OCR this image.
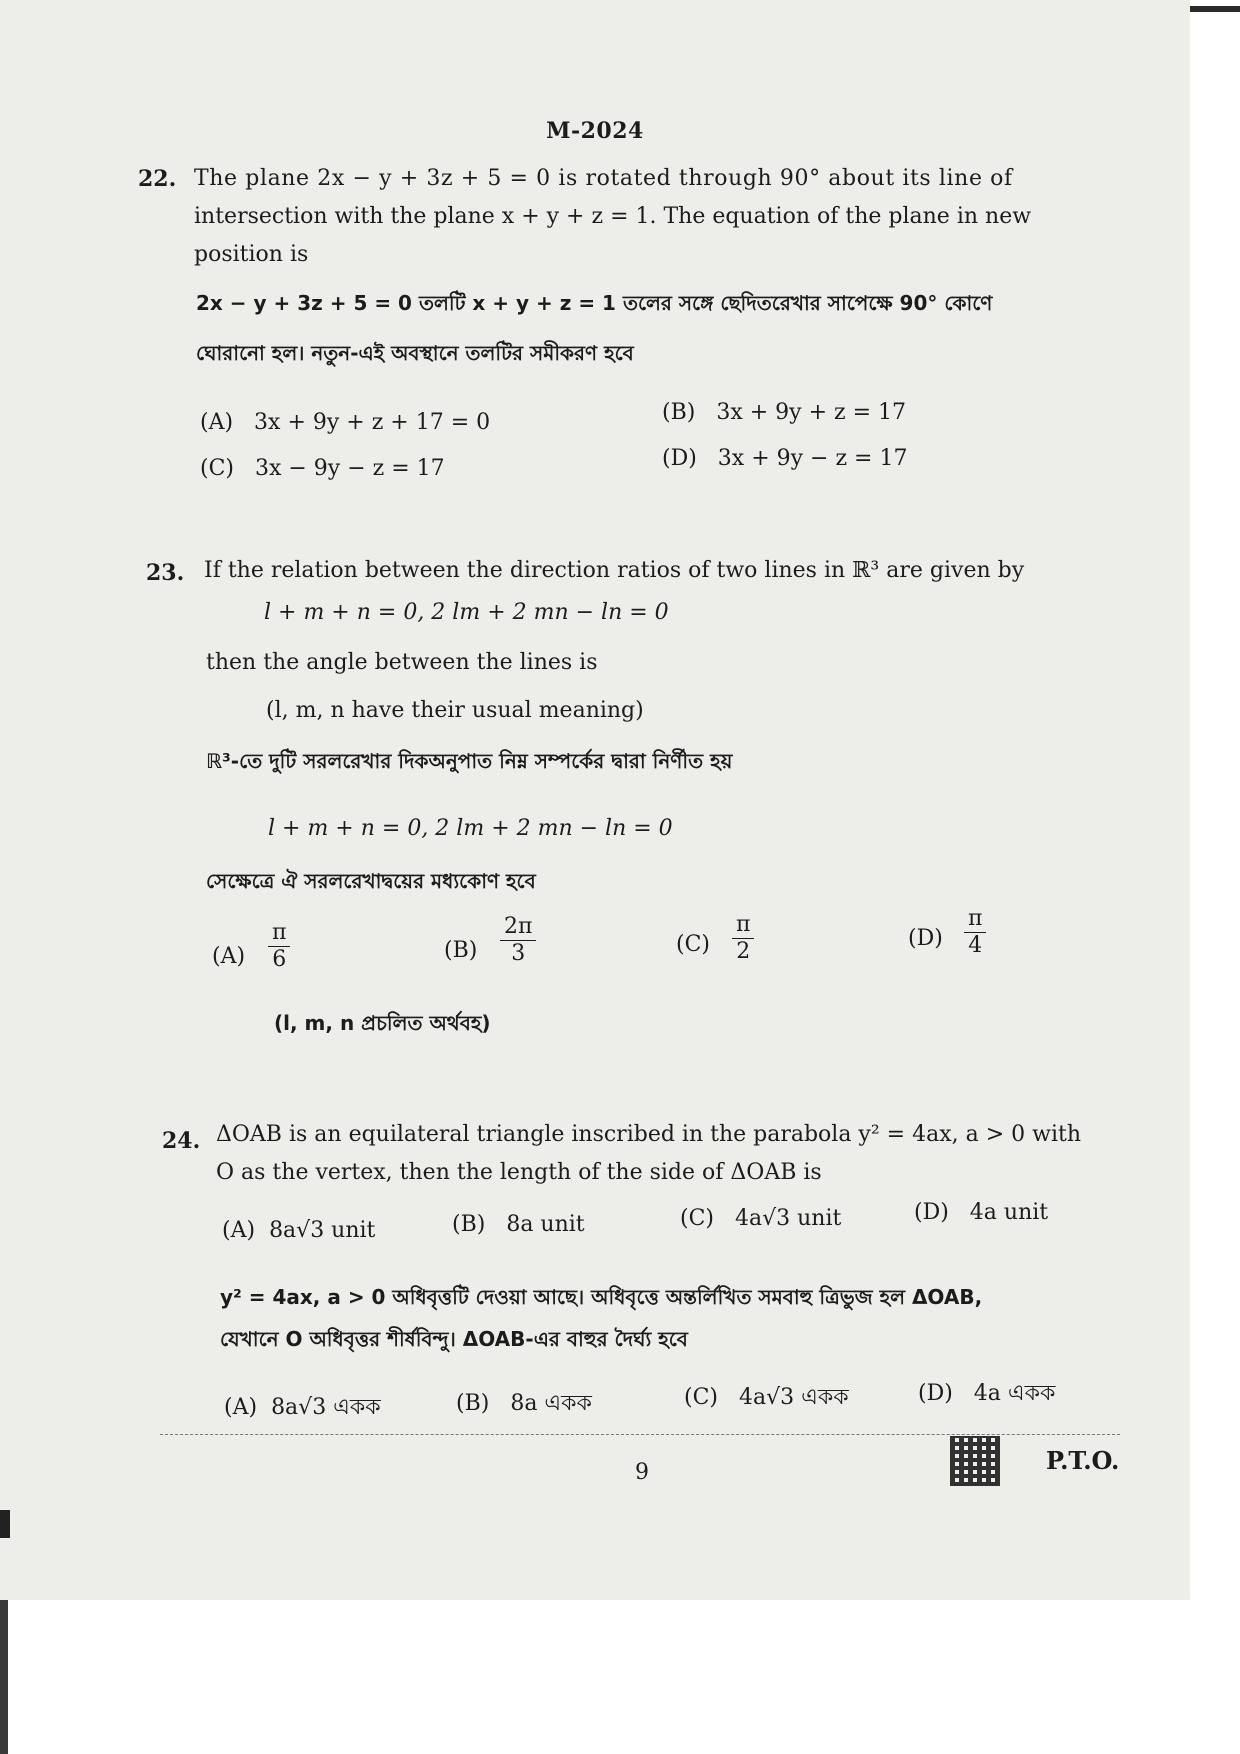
M-2024
22. The plane 2x − y + 3z + 5 = 0 is rotated through 90° about its line of
intersection with the plane x + y + z = 1. The equation of the plane in new
position is
2x − y + 3z + 5 = 0 তলটি x + y + z = 1 তলের সঙ্গে ছেদিতরেখার সাপেক্ষে 90° কোণে
ঘোরানো হল। নতুন-এই অবস্থানে তলটির সমীকরণ হবে
(A) 3x + 9y + z + 17 = 0	(B) 3x + 9y + z = 17
(C) 3x − 9y − z = 17	(D) 3x + 9y − z = 17
23. If the relation between the direction ratios of two lines in ℝ³ are given by
l + m + n = 0, 2 lm + 2 mn − ln = 0
then the angle between the lines is
(l, m, n have their usual meaning)
ℝ³-তে দুটি সরলরেখার দিকঅনুপাত নিম্ন সম্পর্কের দ্বারা নির্ণীত হয়
l + m + n = 0, 2 lm + 2 mn − ln = 0
সেক্ষেত্রে ঐ সরলরেখাদ্বয়ের মধ্যকোণ হবে
$(A) \frac{\pi}{6}$	$(B) \frac{2\pi}{3}$	$(C) \frac{\pi}{2}$	$(D) \frac{\pi}{4}$
(l, m, n প্রচলিত অর্থবহ)
24. ΔOAB is an equilateral triangle inscribed in the parabola y² = 4ax, a > 0 with
O as the vertex, then the length of the side of ΔOAB is
(A) 8a√3 unit	(B) 8a unit	(C) 4a√3 unit	(D) 4a unit
y² = 4ax, a > 0 অধিবৃত্তটি দেওয়া আছে। অধিবৃত্তে অন্তর্লিখিত সমবাহু ত্রিভুজ হল ΔOAB,
যেখানে O অধিবৃত্তর শীর্ষবিন্দু। ΔOAB-এর বাহুর দৈর্ঘ্য হবে
(A) 8a√3 একক	(B) 8a একক	(C) 4a√3 একক	(D) 4a একক
9	P.T.O.
